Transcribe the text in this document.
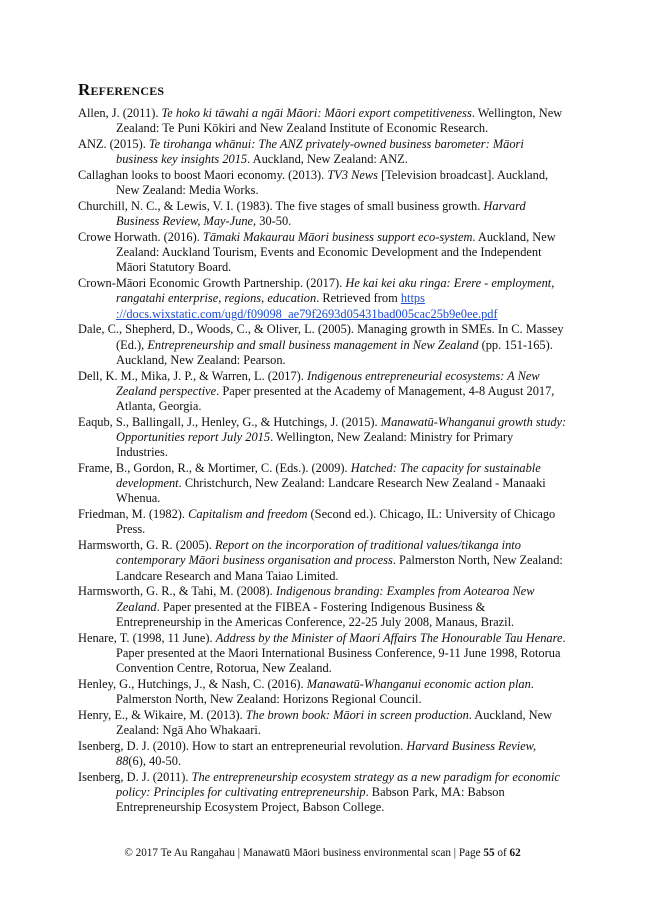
References

Allen, J. (2011). Te hoko ki tāwahi a ngāi Māori: Māori export competitiveness. Wellington, New Zealand: Te Puni Kōkiri and New Zealand Institute of Economic Research.

ANZ. (2015). Te tirohanga whānui: The ANZ privately-owned business barometer: Māori business key insights 2015. Auckland, New Zealand: ANZ.

Callaghan looks to boost Maori economy. (2013). TV3 News [Television broadcast]. Auckland, New Zealand: Media Works.

Churchill, N. C., & Lewis, V. I. (1983). The five stages of small business growth. Harvard Business Review, May-June, 30-50.

Crowe Horwath. (2016). Tāmaki Makaurau Māori business support eco-system. Auckland, New Zealand: Auckland Tourism, Events and Economic Development and the Independent Māori Statutory Board.

Crown-Māori Economic Growth Partnership. (2017). He kai kei aku ringa: Erere - employment, rangatahi enterprise, regions, education. Retrieved from https ://docs.wixstatic.com/ugd/f09098_ae79f2693d05431bad005cac25b9e0ee.pdf

Dale, C., Shepherd, D., Woods, C., & Oliver, L. (2005). Managing growth in SMEs. In C. Massey (Ed.), Entrepreneurship and small business management in New Zealand (pp. 151-165). Auckland, New Zealand: Pearson.

Dell, K. M., Mika, J. P., & Warren, L. (2017). Indigenous entrepreneurial ecosystems: A New Zealand perspective. Paper presented at the Academy of Management, 4-8 August 2017, Atlanta, Georgia.

Eaqub, S., Ballingall, J., Henley, G., & Hutchings, J. (2015). Manawatū-Whanganui growth study: Opportunities report July 2015. Wellington, New Zealand: Ministry for Primary Industries.

Frame, B., Gordon, R., & Mortimer, C. (Eds.). (2009). Hatched: The capacity for sustainable development. Christchurch, New Zealand: Landcare Research New Zealand - Manaaki Whenua.

Friedman, M. (1982). Capitalism and freedom (Second ed.). Chicago, IL: University of Chicago Press.

Harmsworth, G. R. (2005). Report on the incorporation of traditional values/tikanga into contemporary Māori business organisation and process. Palmerston North, New Zealand: Landcare Research and Mana Taiao Limited.

Harmsworth, G. R., & Tahi, M. (2008). Indigenous branding: Examples from Aotearoa New Zealand. Paper presented at the FIBEA - Fostering Indigenous Business & Entrepreneurship in the Americas Conference, 22-25 July 2008, Manaus, Brazil.

Henare, T. (1998, 11 June). Address by the Minister of Maori Affairs The Honourable Tau Henare. Paper presented at the Maori International Business Conference, 9-11 June 1998, Rotorua Convention Centre, Rotorua, New Zealand.

Henley, G., Hutchings, J., & Nash, C. (2016). Manawatū-Whanganui economic action plan. Palmerston North, New Zealand: Horizons Regional Council.

Henry, E., & Wikaire, M. (2013). The brown book: Māori in screen production. Auckland, New Zealand: Ngā Aho Whakaari.

Isenberg, D. J. (2010). How to start an entrepreneurial revolution. Harvard Business Review, 88(6), 40-50.

Isenberg, D. J. (2011). The entrepreneurship ecosystem strategy as a new paradigm for economic policy: Principles for cultivating entrepreneurship. Babson Park, MA: Babson Entrepreneurship Ecosystem Project, Babson College.

© 2017 Te Au Rangahau | Manawatū Māori business environmental scan | Page 55 of 62
